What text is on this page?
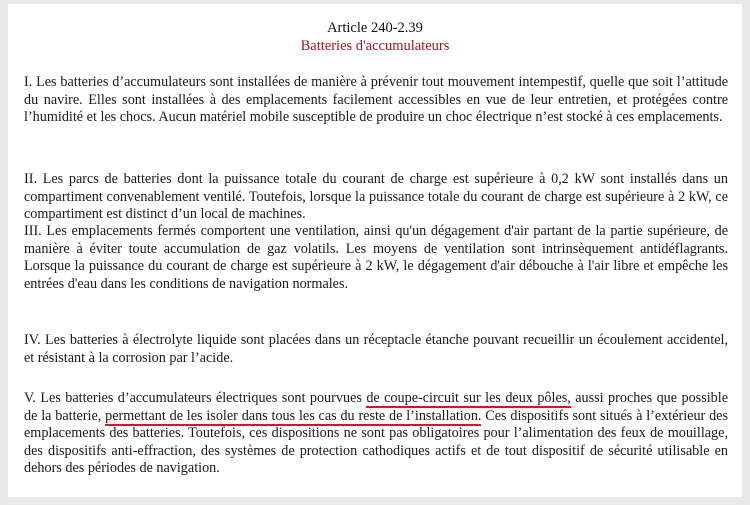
Article 240-2.39
Batteries d'accumulateurs

I. Les batteries d’accumulateurs sont installées de manière à prévenir tout mouvement intempestif, quelle que soit l’attitude du navire. Elles sont installées à des emplacements facilement accessibles en vue de leur entretien, et protégées contre l’humidité et les chocs. Aucun matériel mobile susceptible de produire un choc électrique n’est stocké à ces emplacements.

II. Les parcs de batteries dont la puissance totale du courant de charge est supérieure à 0,2 kW sont installés dans un compartiment convenablement ventilé. Toutefois, lorsque la puissance totale du courant de charge est supérieure à 2 kW, ce compartiment est distinct d’un local de machines.

III. Les emplacements fermés comportent une ventilation, ainsi qu'un dégagement d'air partant de la partie supérieure, de manière à éviter toute accumulation de gaz volatils. Les moyens de ventilation sont intrinsèquement antidéflagrants. Lorsque la puissance du courant de charge est supérieure à 2 kW, le dégagement d'air débouche à l'air libre et empêche les entrées d'eau dans les conditions de navigation normales.

IV. Les batteries à électrolyte liquide sont placées dans un réceptacle étanche pouvant recueillir un écoulement accidentel, et résistant à la corrosion par l’acide.

V. Les batteries d’accumulateurs électriques sont pourvues de coupe-circuit sur les deux pôles, aussi proches que possible de la batterie, permettant de les isoler dans tous les cas du reste de l’installation. Ces dispositifs sont situés à l’extérieur des emplacements des batteries. Toutefois, ces dispositions ne sont pas obligatoires pour l’alimentation des feux de mouillage, des dispositifs anti-effraction, des systèmes de protection cathodiques actifs et de tout dispositif de sécurité utilisable en dehors des périodes de navigation.
